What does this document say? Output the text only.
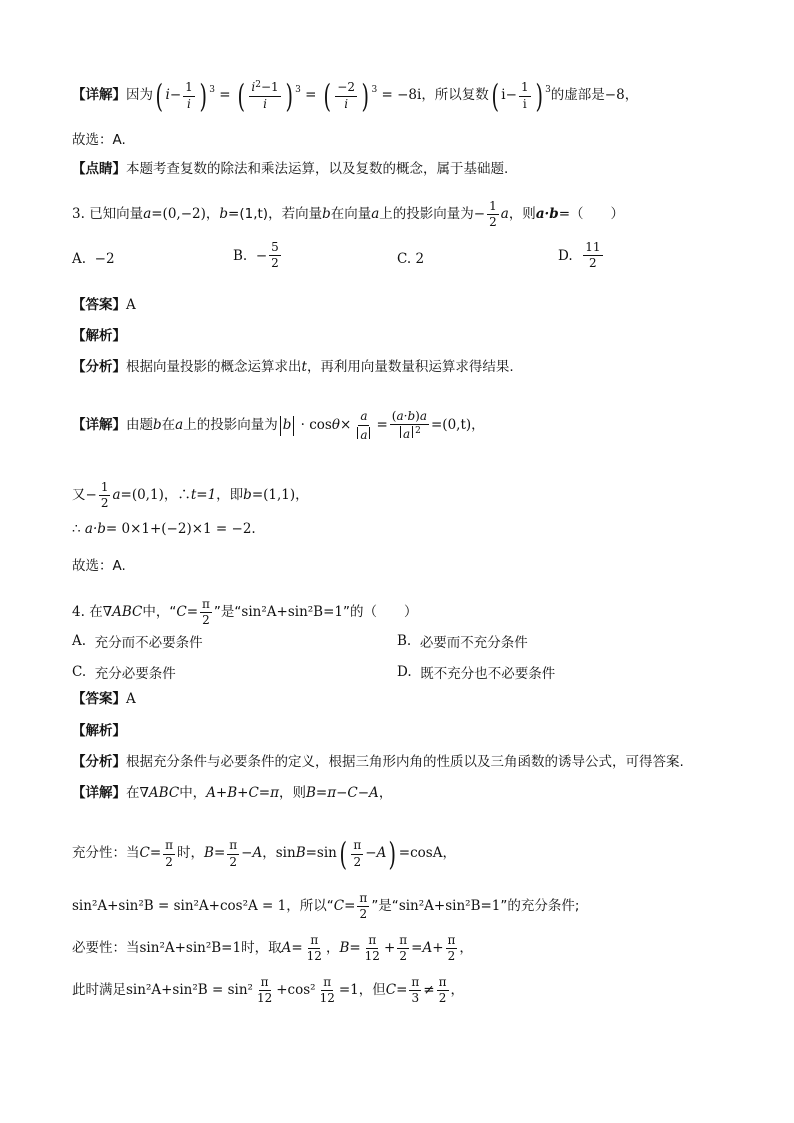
【详解】 因为 ( $i - \frac{1}{i}$ ) $^3$ = ( $\frac{i^2-1}{i}$ ) $^3$ = ( $\frac{-2}{i}$ ) $^3$ = −8i ，所以复数 ( $i - \frac{1}{i}$ ) $^3$ 的虚部是 −8 ，
故选：A.
【点睛】 本题考查复数的除法和乘法运算，以及复数的概念，属于基础题.
3.
已知向量 a =(0,−2)， b =(1,t)，若向量 b 在向量 a 上的投影向量为 − $\frac{1}{2}$ a ，则 a·b =（　　）
A.
−2	B.
− $\frac{5}{2}$	C.
2	D.
$\frac{11}{2}$
【答案】 A
【解析】
【分析】 根据向量投影的概念运算求出 t ，再利用向量数量积运算求得结果.
【详解】 由题 b 在 a 上的投影向量为 $b \cdot \cos \theta \times \frac{a}{a} = \frac{(a\cdot b)a}{a ^2} =(0,t)$，
又 − $\frac{1}{2}$ a =(0,1)，∴ t=1 ，即 b =(1,1)，
∴ a·b = 0×1+(−2)×1 = −2.
故选：A.
4.
在 ∇ABC 中，“ $C = \frac{\pi}{2}$ ”是“ sin²A+sin²B=1 ”的（　　）
A.
充分而不必要条件	B.
必要而不充分条件
C.
充分必要条件	D.
既不充分也不必要条件
【答案】 A
【解析】
【分析】 根据充分条件与必要条件的定义，根据三角形内角的性质以及三角函数的诱导公式，可得答案.
【详解】 在 ∇ABC 中， A+B+C=π ，则 B=π−C−A ，
充分性：当 $C = \frac{\pi}{2}$ 时， $B = \frac{\pi}{2} - A$ ， sin B =sin ( $\frac{\pi}{2} - A$ ) =cosA，
sin²A+sin²B = sin²A+cos²A = 1 ，所以“ $C = \frac{\pi}{2}$ ”是“ sin²A+sin²B=1 ”的充分条件;
必要性：当 sin²A+sin²B=1 时，取 $A = \frac{\pi}{12}$ ， $B = \frac{\pi}{12} + \frac{\pi}{2} = A + \frac{\pi}{2}$ ，
此时满足 $\sin^2A+\sin^2B = \sin^2 \frac{\pi}{12} +\cos^2 \frac{\pi}{12} =1$ ，但 $C = \frac{\pi}{3} \ne \frac{\pi}{2}$ ，
